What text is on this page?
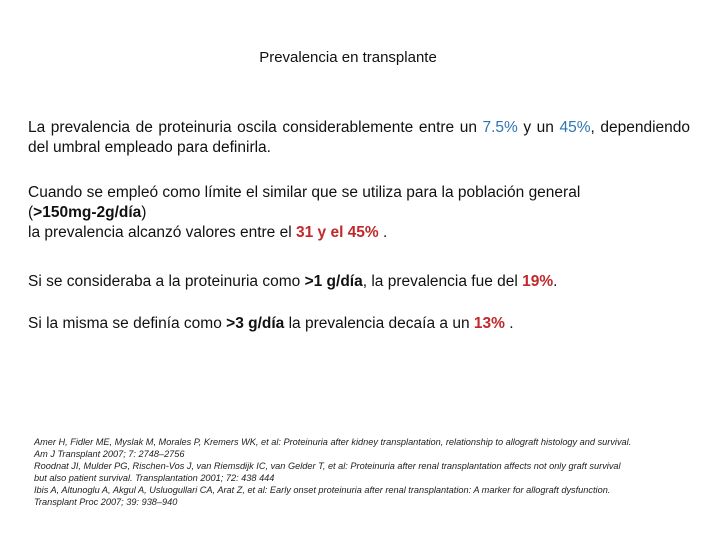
Prevalencia en transplante
La prevalencia de proteinuria oscila considerablemente entre un 7.5% y un 45%, dependiendo del umbral empleado para definirla.
Cuando se empleó como límite el similar que se utiliza para la población general
(>150mg-2g/día)
la prevalencia alcanzó valores entre el 31 y el 45% .
Si se consideraba a la proteinuria como >1 g/día, la prevalencia fue del 19%.
Si la misma se definía como >3 g/día la prevalencia decaía a un 13% .
Amer H, Fidler ME, Myslak M, Morales P, Kremers WK, et al: Proteinuria after kidney transplantation, relationship to allograft histology and survival.
Am J Transplant 2007; 7: 2748–2756
Roodnat JI, Mulder PG, Rischen-Vos J, van Riemsdijk IC, van Gelder T, et al: Proteinuria after renal transplantation affects not only graft survival
but also patient survival. Transplantation 2001; 72: 438 444
Ibis A, Altunoglu A, Akgul A, Usluogullari CA, Arat Z, et al: Early onset proteinuria after renal transplantation: A marker for allograft dysfunction.
Transplant Proc 2007; 39: 938–940
